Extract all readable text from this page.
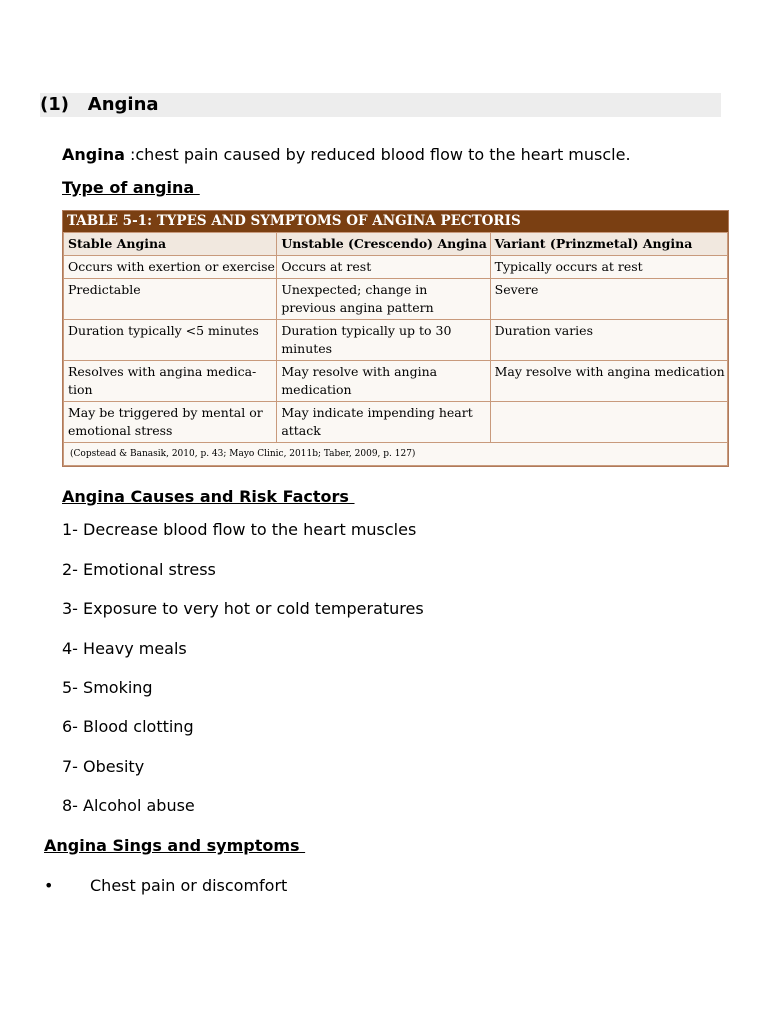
(1) Angina
Angina :chest pain caused by reduced blood flow to the heart muscle.
Type of angina
TABLE 5-1: TYPES AND SYMPTOMS OF ANGINA PECTORIS
Stable Angina	Unstable (Crescendo) Angina	Variant (Prinzmetal) Angina
Occurs with exertion or exercise	Occurs at rest	Typically occurs at rest
Predictable	Unexpected; change in previous angina pattern	Severe
Duration typically <5 minutes	Duration typically up to 30 minutes	Duration varies
Resolves with angina medica-tion	May resolve with angina medication	May resolve with angina medication
May be triggered by mental or emotional stress	May indicate impending heart attack	
(Copstead & Banasik, 2010, p. 43; Mayo Clinic, 2011b; Taber, 2009, p. 127)		
Angina Causes and Risk Factors
1- Decrease blood flow to the heart muscles
2- Emotional stress
3- Exposure to very hot or cold temperatures
4- Heavy meals
5- Smoking
6- Blood clotting
7- Obesity
8- Alcohol abuse
Angina Sings and symptoms
• Chest pain or discomfort
